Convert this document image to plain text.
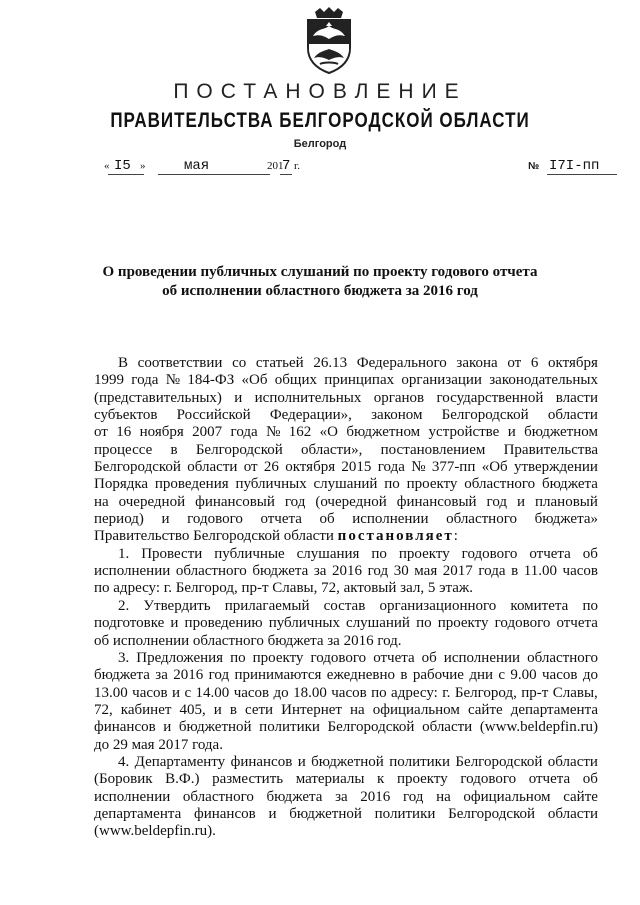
ПОСТАНОВЛЕНИЕ
ПРАВИТЕЛЬСТВА БЕЛГОРОДСКОЙ ОБЛАСТИ
Белгород
« I5 »	мая	201
7 г.	№ I7I-пп
О проведении публичных слушаний по проекту годового отчета
об исполнении областного бюджета за 2016 год
В соответствии со статьей 26.13 Федерального закона от 6 октября
1999 года № 184-ФЗ «Об общих принципах организации законодательных
(представительных) и исполнительных органов государственной власти
субъектов Российской Федерации», законом Белгородской области
от 16 ноября 2007 года № 162 «О бюджетном устройстве и бюджетном
процессе в Белгородской области», постановлением Правительства
Белгородской области от 26 октября 2015 года № 377-пп «Об утверждении
Порядка проведения публичных слушаний по проекту областного бюджета
на очередной финансовый год (очередной финансовый год и плановый
период) и годового отчета об исполнении областного бюджета»
Правительство Белгородской области постановляет :
1. Провести публичные слушания по проекту годового отчета об
исполнении областного бюджета за 2016 год 30 мая 2017 года в 11.00 часов
по адресу: г. Белгород, пр-т Славы, 72, актовый зал, 5 этаж.
2. Утвердить прилагаемый состав организационного комитета по
подготовке и проведению публичных слушаний по проекту годового отчета
об исполнении областного бюджета за 2016 год.
3. Предложения по проекту годового отчета об исполнении областного
бюджета за 2016 год принимаются ежедневно в рабочие дни с 9.00 часов до
13.00 часов и с 14.00 часов до 18.00 часов по адресу: г. Белгород, пр-т Славы,
72, кабинет 405, и в сети Интернет на официальном сайте департамента
финансов и бюджетной политики Белгородской области (www.beldepfin.ru)
до 29 мая 2017 года.
4. Департаменту финансов и бюджетной политики Белгородской области
(Боровик В.Ф.) разместить материалы к проекту годового отчета об
исполнении областного бюджета за 2016 год на официальном сайте
департамента финансов и бюджетной политики Белгородской области
(www.beldepfin.ru).
